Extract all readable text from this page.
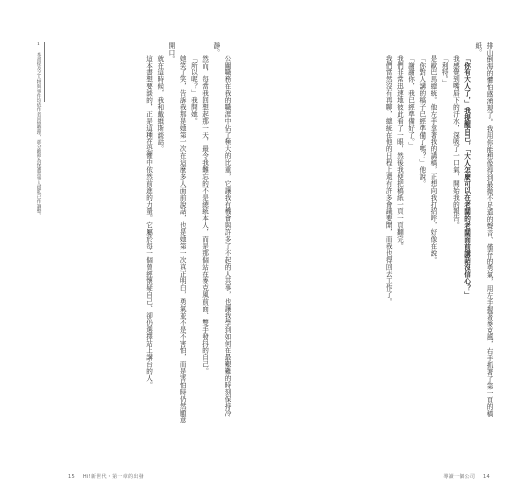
排山倒海的懼怕感湧現了。我用你能想像得到最微不足道的聲音、僅存的勇氣，用左手握著麥克風，右手抓著了第一頁的稿紙。

「你有大人了，」我提醒自己，「大人怎麼可以在老闆的老闆面前講話沒信心？」

我感覺到嘴唇下的汗水，深吸了一口氣，開始我的報告。

「利特。」

是歐巴馬總統。他左手拿著我的講稿，正想向我打招呼，好像在說。

「你對人講的稿子已經準備了嗎？」他說。

「謝謝你，我已經準備好了。」

我們非常迅速地彼此看了一眼，然後我便把稿紙一頁一頁翻完。

我們當然沒有再聊，總統在他的日程上還有許多會議要開，而我也得回去工作了。

導讀一個公司 14

公關職務在我的職涯中佔了極大的比重，它讓我有機會與許多了不起的人共事，也讓我學到如何在最艱難的時刻保持冷靜。

然而，每當我回想起那一天，最令我難忘的不是總統本人，而是那個站在麥克風前面、雙手發抖的自己。

「所以呢？」我問她。

她笑了笑，告訴我那是她第一次在這麼多人面前說話，也是她第一次真正明白，勇氣並不是不害怕，而是害怕時仍然願意開口。

就在這時候，我和戴維斯談話。

這本書想要談的，正是這種在恐懼中依然前進的力量。它屬於每一個曾經懷疑自己、卻仍選擇站上講台的人。

1 本書提及之人物與事件均依作者回憶整理，部分細節為保護當事人隱私已作調整。
15 Hi!新世代・第一章的出發
